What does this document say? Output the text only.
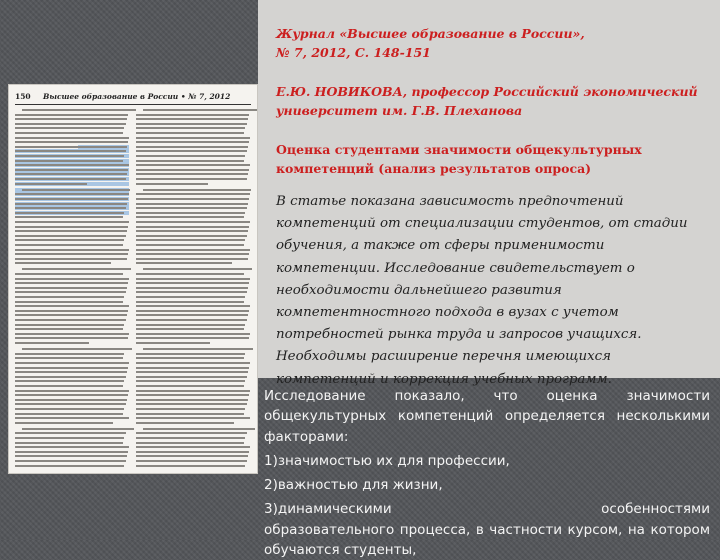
Журнал «Высшее образование в России»,
№ 7, 2012, С. 148-151
Е.Ю. НОВИКОВА, профессор Российский экономический
университет им. Г.В. Плеханова
Оценка студентами значимости общекультурных
компетенций (анализ результатов опроса)
В статье показана зависимость предпочтений компетенций от специализации студентов, от стадии обучения, а также от сферы применимости компетенции. Исследование свидетельствует о необходимости дальнейшего развития компетентностного подхода в вузах с учетом потребностей рынка труда и запросов учащихся. Необходимы расширение перечня имеющихся компетенций и коррекция учебных программ.
150 Высшее образование в России • № 7, 2012

Исследование показало, что оценка значимости общекультурных компетенций определяется несколькими факторами:

1)значимостью их для профессии,

2)важностью для жизни,

3)динамическими особенностями

образовательного процесса, в частности курсом, на котором обучаются студенты,
